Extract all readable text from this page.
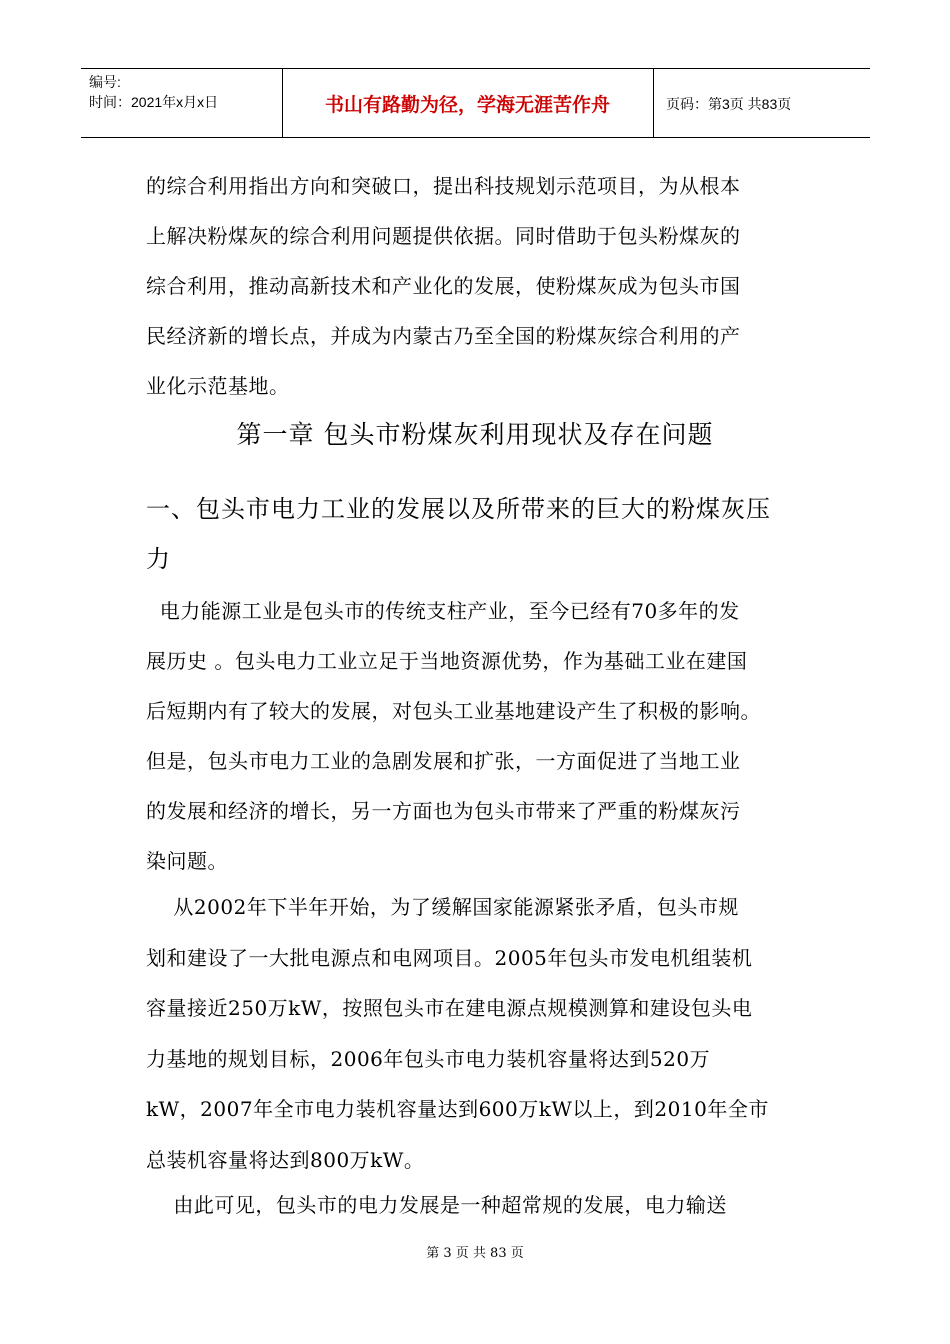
编号:
时间：2021年x月x日	书山有路勤为径，学海无涯苦作舟	页码：第3页 共83页
的综合利用指出方向和突破口，提出科技规划示范项目，为从根本
上解决粉煤灰的综合利用问题提供依据。同时借助于包头粉煤灰的
综合利用，推动高新技术和产业化的发展，使粉煤灰成为包头市国
民经济新的增长点，并成为内蒙古乃至全国的粉煤灰综合利用的产
业化示范基地。
第一章 包头市粉煤灰利用现状及存在问题
一、包头市电力工业的发展以及所带来的巨大的粉煤灰压
力
电力能源工业是包头市的传统支柱产业，至今已经有70多年的发
展历史 。包头电力工业立足于当地资源优势，作为基础工业在建国
后短期内有了较大的发展，对包头工业基地建设产生了积极的影响。
但是，包头市电力工业的急剧发展和扩张，一方面促进了当地工业
的发展和经济的增长，另一方面也为包头市带来了严重的粉煤灰污
染问题。
从2002年下半年开始，为了缓解国家能源紧张矛盾，包头市规
划和建设了一大批电源点和电网项目。2005年包头市发电机组装机
容量接近250万kW，按照包头市在建电源点规模测算和建设包头电
力基地的规划目标，2006年包头市电力装机容量将达到520万
kW，2007年全市电力装机容量达到600万kW以上，到2010年全市
总装机容量将达到800万kW。
由此可见，包头市的电力发展是一种超常规的发展，电力输送
第 3 页 共 83 页
